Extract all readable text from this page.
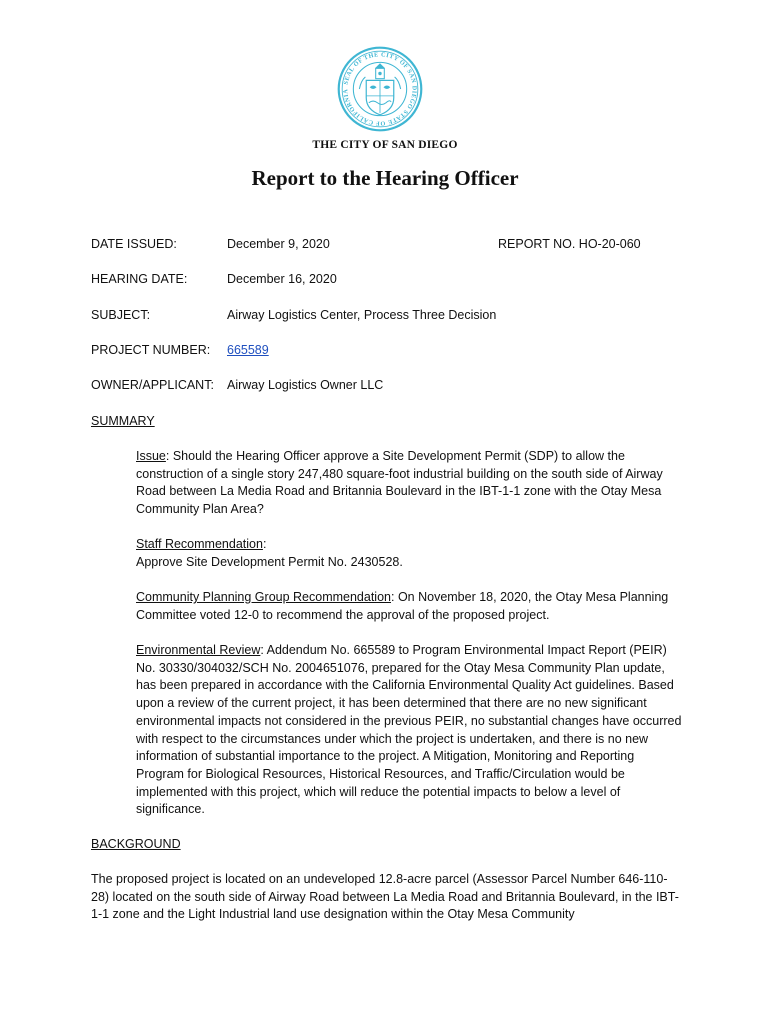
SEAL OF THE CITY OF SAN DIEGO STATE OF CALIFORNIA
THE CITY OF SAN DIEGO
Report to the Hearing Officer
DATE ISSUED:	December 9, 2020	REPORT NO. HO-20-060
HEARING DATE:	December 16, 2020
SUBJECT:	Airway Logistics Center, Process Three Decision
PROJECT NUMBER: 665589
OWNER/APPLICANT: Airway Logistics Owner LLC
SUMMARY

Issue: Should the Hearing Officer approve a Site Development Permit (SDP) to allow the construction of a single story 247,480 square-foot industrial building on the south side of Airway Road between La Media Road and Britannia Boulevard in the IBT-1-1 zone with the Otay Mesa Community Plan Area?

Staff Recommendation:
Approve Site Development Permit No. 2430528.

Community Planning Group Recommendation: On November 18, 2020, the Otay Mesa Planning Committee voted 12-0 to recommend the approval of the proposed project.

Environmental Review: Addendum No. 665589 to Program Environmental Impact Report (PEIR) No. 30330/304032/SCH No. 2004651076, prepared for the Otay Mesa Community Plan update, has been prepared in accordance with the California Environmental Quality Act guidelines. Based upon a review of the current project, it has been determined that there are no new significant environmental impacts not considered in the previous PEIR, no substantial changes have occurred with respect to the circumstances under which the project is undertaken, and there is no new information of substantial importance to the project. A Mitigation, Monitoring and Reporting Program for Biological Resources, Historical Resources, and Traffic/Circulation would be implemented with this project, which will reduce the potential impacts to below a level of significance.

BACKGROUND

The proposed project is located on an undeveloped 12.8-acre parcel (Assessor Parcel Number 646-110-28) located on the south side of Airway Road between La Media Road and Britannia Boulevard, in the IBT-1-1 zone and the Light Industrial land use designation within the Otay Mesa Community
